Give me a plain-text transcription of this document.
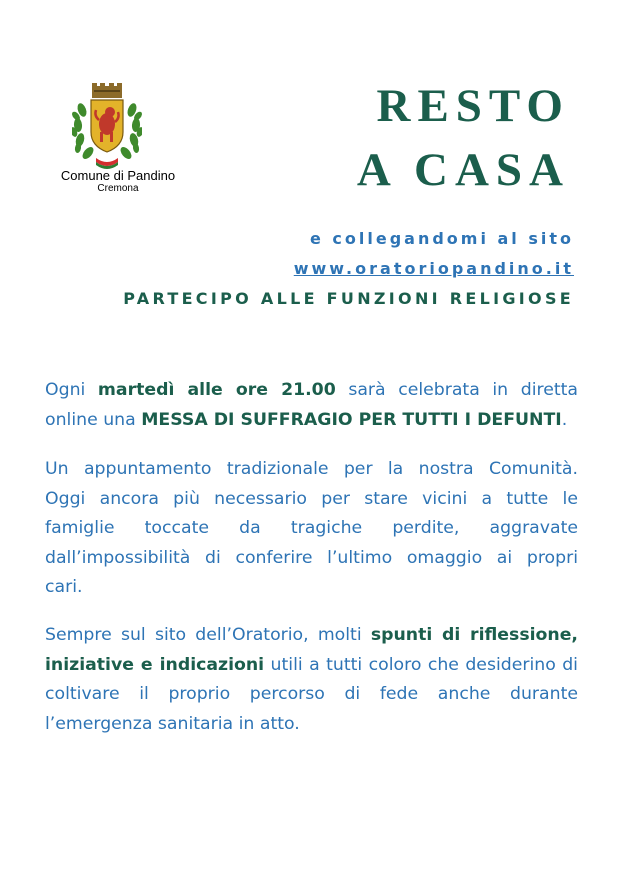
Comune di Pandino
Cremona
RESTO
A CASA
e collegandomi al sito
www.oratoriopandino.it
PARTECIPO ALLE FUNZIONI RELIGIOSE
Ogni martedì alle ore 21.00 sarà celebrata in diretta
online una MESSA DI SUFFRAGIO PER TUTTI I DEFUNTI.
Un appuntamento tradizionale per la nostra Comunità.
Oggi ancora più necessario per stare vicini a tutte le
famiglie toccate da tragiche perdite, aggravate
dall’impossibilità di conferire l’ultimo omaggio ai propri
cari.
Sempre sul sito dell’Oratorio, molti spunti di riflessione,
iniziative e indicazioni utili a tutti coloro che desiderino di
coltivare il proprio percorso di fede anche durante
l’emergenza sanitaria in atto.
